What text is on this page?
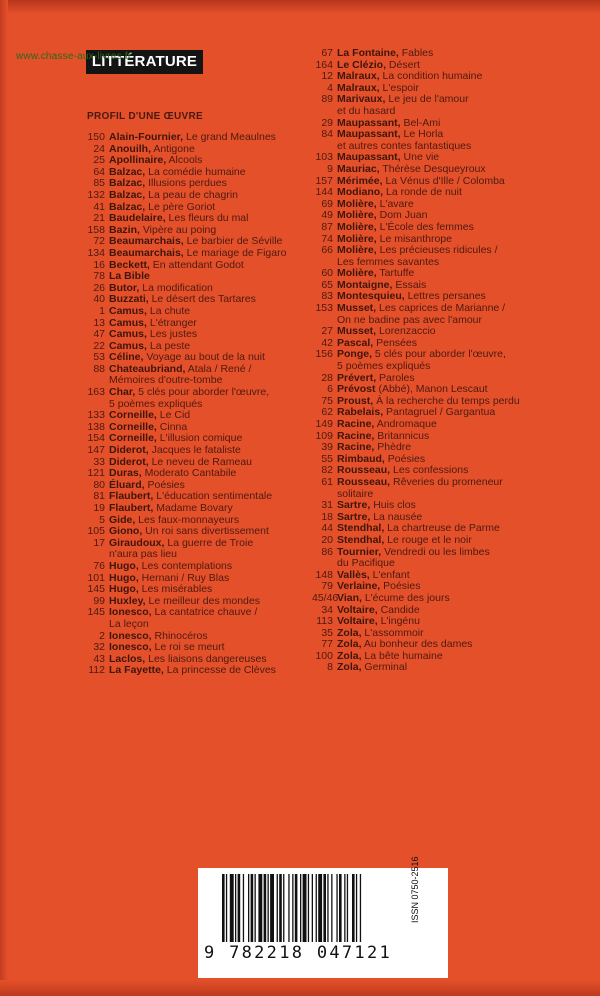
LITTÉRATURE
www.chasse-aux-livres.fr
PROFIL D'UNE ŒUVRE
150 Alain-Fournier, Le grand Meaulnes
24 Anouilh, Antigone
25 Apollinaire, Alcools
64 Balzac, La comédie humaine
85 Balzac, Illusions perdues
132 Balzac, La peau de chagrin
41 Balzac, Le père Goriot
21 Baudelaire, Les fleurs du mal
158 Bazin, Vipère au poing
72 Beaumarchais, Le barbier de Séville
134 Beaumarchais, Le mariage de Figaro
16 Beckett, En attendant Godot
78 La Bible
26 Butor, La modification
40 Buzzati, Le désert des Tartares
1 Camus, La chute
13 Camus, L'étranger
47 Camus, Les justes
22 Camus, La peste
53 Céline, Voyage au bout de la nuit
88 Chateaubriand, Atala / René /
Mémoires d'outre-tombe
163 Char, 5 clés pour aborder l'œuvre,
5 poèmes expliqués
133 Corneille, Le Cid
138 Corneille, Cinna
154 Corneille, L'illusion comique
147 Diderot, Jacques le fataliste
33 Diderot, Le neveu de Rameau
121 Duras, Moderato Cantabile
80 Éluard, Poésies
81 Flaubert, L'éducation sentimentale
19 Flaubert, Madame Bovary
5 Gide, Les faux-monnayeurs
105 Giono, Un roi sans divertissement
17 Giraudoux, La guerre de Troie
n'aura pas lieu
76 Hugo, Les contemplations
101 Hugo, Hernani / Ruy Blas
145 Hugo, Les misérables
99 Huxley, Le meilleur des mondes
145 Ionesco, La cantatrice chauve /
La leçon
2 Ionesco, Rhinocéros
32 Ionesco, Le roi se meurt
43 Laclos, Les liaisons dangereuses
112 La Fayette, La princesse de Clèves
67 La Fontaine, Fables
164 Le Clézio, Désert
12 Malraux, La condition humaine
4 Malraux, L'espoir
89 Marivaux, Le jeu de l'amour
et du hasard
29 Maupassant, Bel-Ami
84 Maupassant, Le Horla
et autres contes fantastiques
103 Maupassant, Une vie
9 Mauriac, Thérèse Desqueyroux
157 Mérimée, La Vénus d'Ille / Colomba
144 Modiano, La ronde de nuit
69 Molière, L'avare
49 Molière, Dom Juan
87 Molière, L'École des femmes
74 Molière, Le misanthrope
66 Molière, Les précieuses ridicules /
Les femmes savantes
60 Molière, Tartuffe
65 Montaigne, Essais
83 Montesquieu, Lettres persanes
153 Musset, Les caprices de Marianne /
On ne badine pas avec l'amour
27 Musset, Lorenzaccio
42 Pascal, Pensées
156 Ponge, 5 clés pour aborder l'œuvre,
5 poèmes expliqués
28 Prévert, Paroles
6 Prévost (Abbé), Manon Lescaut
75 Proust, À la recherche du temps perdu
62 Rabelais, Pantagruel / Gargantua
149 Racine, Andromaque
109 Racine, Britannicus
39 Racine, Phèdre
55 Rimbaud, Poésies
82 Rousseau, Les confessions
61 Rousseau, Rêveries du promeneur solitaire
31 Sartre, Huis clos
18 Sartre, La nausée
44 Stendhal, La chartreuse de Parme
20 Stendhal, Le rouge et le noir
86 Tournier, Vendredi ou les limbes
du Pacifique
148 Vallès, L'enfant
79 Verlaine, Poésies
45/46
Vian, L'écume des jours
34 Voltaire, Candide
113 Voltaire, L'ingénu
35 Zola, L'assommoir
77 Zola, Au bonheur des dames
100 Zola, La bête humaine
8 Zola, Germinal
9 782218 047121
ISSN 0750-2516
